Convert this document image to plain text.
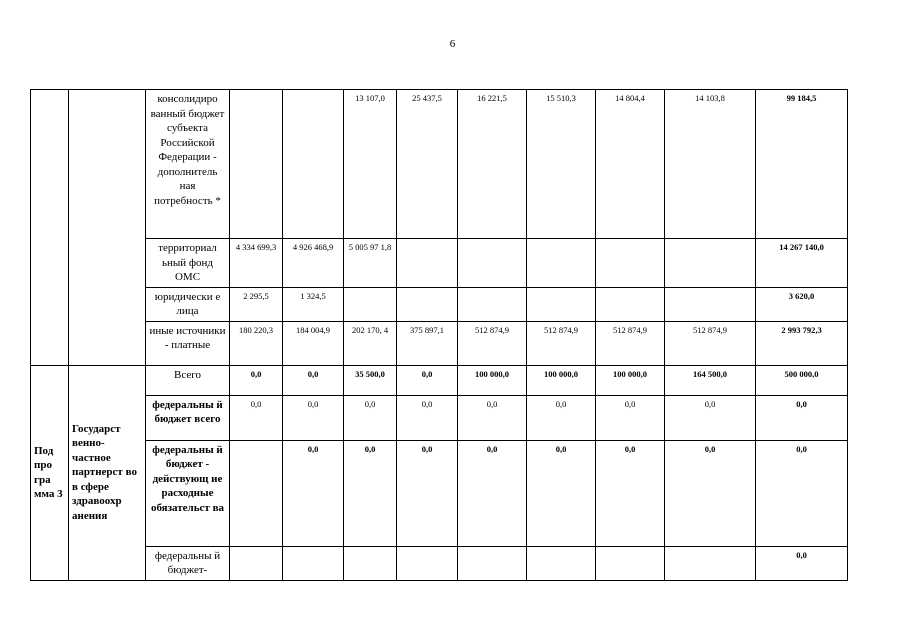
6
		консолидиро ванный бюджет субъекта Российской Федерации - дополнитель ная потребность *			13 107,0	25 437,5	16 221,5	15 510,3	14 804,4	14 103,8	99 184,5
		территориал ьный фонд ОМС	4 334 699,3	4 926 468,9	5 005 97 1,8						14 267 140,0
		юридически е лица	2 295,5	1 324,5							3 620,0
		иные источники - платные	180 220,3	184 004,9	202 170, 4	375 897,1	512 874,9	512 874,9	512 874,9	512 874,9	2 993 792,3
Под про гра мма 3	Государст венно- частное партнерст во в сфере здравоохр анения	Всего	0,0	0,0	35 500,0	0,0	100 000,0	100 000,0	100 000,0	164 500,0	500 000,0
		федеральны й бюджет всего	0,0	0,0	0,0	0,0	0,0	0,0	0,0	0,0	0,0
		федеральны й бюджет - действующ ие расходные обязательст ва		0,0	0,0	0,0	0,0	0,0	0,0	0,0	0,0
		федеральны й бюджет-									0,0
